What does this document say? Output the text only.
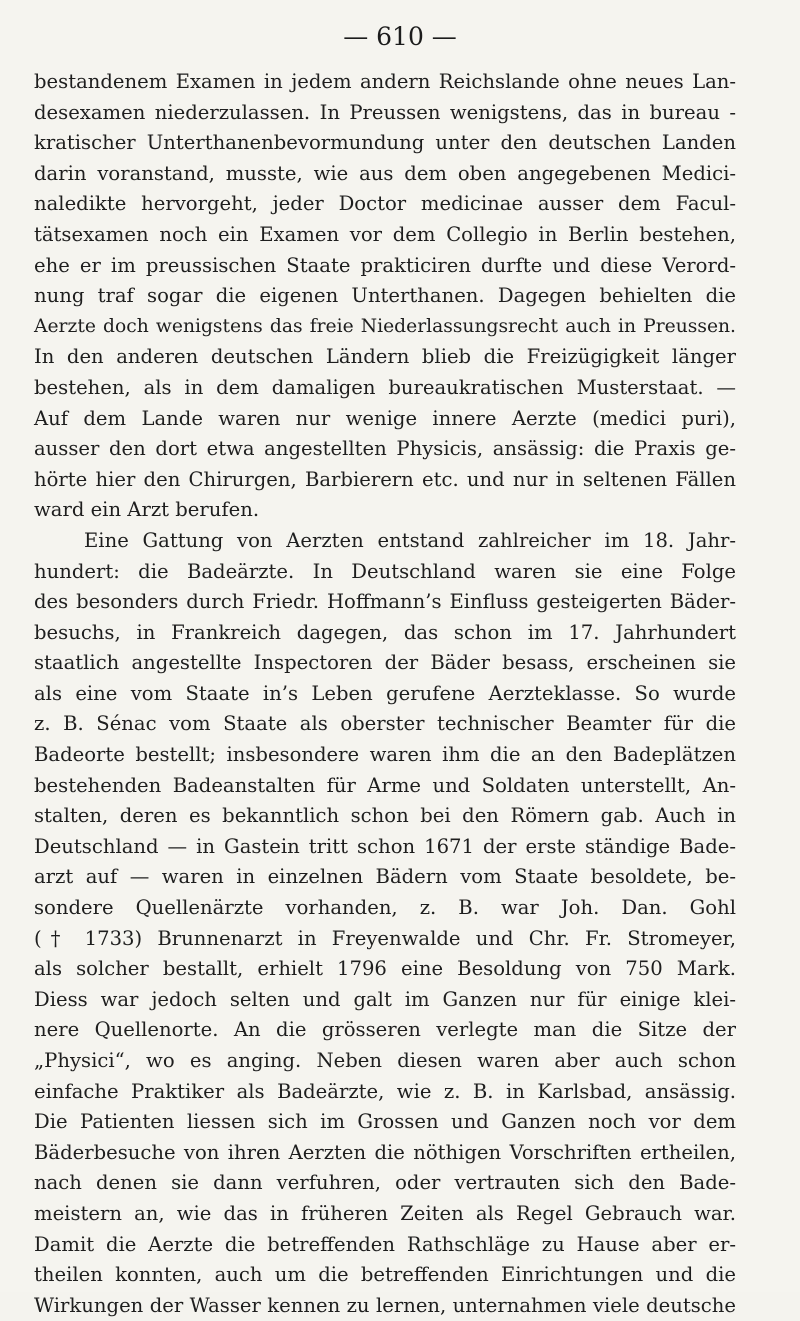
— 610 —
bestandenem Examen in jedem andern Reichslande ohne neues Lan-
desexamen niederzulassen. In Preussen wenigstens, das in bureau -
kratischer Unterthanenbevormundung unter den deutschen Landen
darin voranstand, musste, wie aus dem oben angegebenen Medici-
naledikte hervorgeht, jeder Doctor medicinae ausser dem Facul-
tätsexamen noch ein Examen vor dem Collegio in Berlin bestehen,
ehe er im preussischen Staate prakticiren durfte und diese Verord-
nung traf sogar die eigenen Unterthanen. Dagegen behielten die
Aerzte doch wenigstens das freie Niederlassungsrecht auch in Preussen.
In den anderen deutschen Ländern blieb die Freizügigkeit länger
bestehen, als in dem damaligen bureaukratischen Musterstaat. —
Auf dem Lande waren nur wenige innere Aerzte (medici puri),
ausser den dort etwa angestellten Physicis, ansässig: die Praxis ge-
hörte hier den Chirurgen, Barbierern etc. und nur in seltenen Fällen
ward ein Arzt berufen.
Eine Gattung von Aerzten entstand zahlreicher im 18. Jahr-
hundert: die Badeärzte. In Deutschland waren sie eine Folge
des besonders durch Friedr. Hoffmann’s Einfluss gesteigerten Bäder-
besuchs, in Frankreich dagegen, das schon im 17. Jahrhundert
staatlich angestellte Inspectoren der Bäder besass, erscheinen sie
als eine vom Staate in’s Leben gerufene Aerzteklasse. So wurde
z. B. Sénac vom Staate als oberster technischer Beamter für die
Badeorte bestellt; insbesondere waren ihm die an den Badeplätzen
bestehenden Badeanstalten für Arme und Soldaten unterstellt, An-
stalten, deren es bekanntlich schon bei den Römern gab. Auch in
Deutschland — in Gastein tritt schon 1671 der erste ständige Bade-
arzt auf — waren in einzelnen Bädern vom Staate besoldete, be-
sondere Quellenärzte vorhanden, z. B. war Joh. Dan. Gohl
(† 1733) Brunnenarzt in Freyenwalde und Chr. Fr. Stromeyer,
als solcher bestallt, erhielt 1796 eine Besoldung von 750 Mark.
Diess war jedoch selten und galt im Ganzen nur für einige klei-
nere Quellenorte. An die grösseren verlegte man die Sitze der
„Physici“, wo es anging. Neben diesen waren aber auch schon
einfache Praktiker als Badeärzte, wie z. B. in Karlsbad, ansässig.
Die Patienten liessen sich im Grossen und Ganzen noch vor dem
Bäderbesuche von ihren Aerzten die nöthigen Vorschriften ertheilen,
nach denen sie dann verfuhren, oder vertrauten sich den Bade-
meistern an, wie das in früheren Zeiten als Regel Gebrauch war.
Damit die Aerzte die betreffenden Rathschläge zu Hause aber er-
theilen konnten, auch um die betreffenden Einrichtungen und die
Wirkungen der Wasser kennen zu lernen, unternahmen viele deutsche
